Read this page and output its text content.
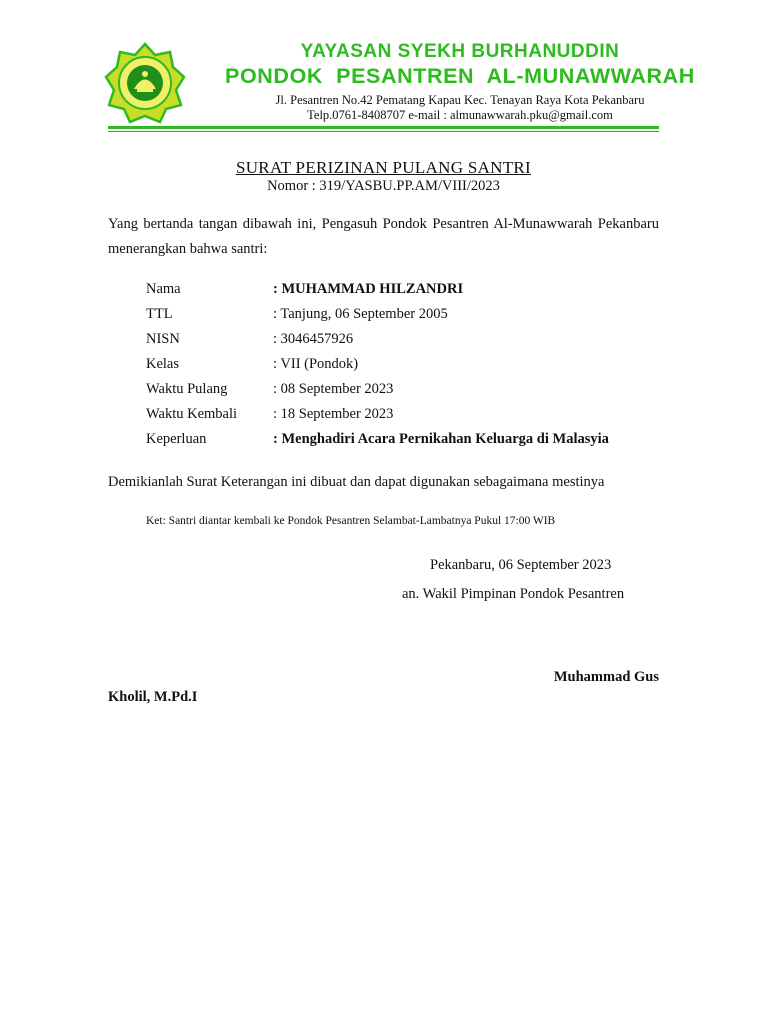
YAYASAN SYEKH BURHANUDDIN
PONDOK  PESANTREN  AL-MUNAWWARAH
Jl. Pesantren No.42 Pematang Kapau Kec. Tenayan Raya Kota Pekanbaru
Telp.0761-8408707 e-mail : almunawwarah.pku@gmail.com
SURAT PERIZINAN PULANG SANTRI
Nomor : 319/YASBU.PP.AM/VIII/2023
Yang bertanda tangan dibawah ini, Pengasuh Pondok Pesantren Al-Munawwarah Pekanbaru menerangkan bahwa santri:
Nama	: MUHAMMAD HILZANDRI
TTL	: Tanjung, 06 September 2005
NISN	: 3046457926
Kelas	: VII (Pondok)
Waktu Pulang	: 08 September 2023
Waktu Kembali : 18 September 2023
Keperluan	: Menghadiri Acara Pernikahan Keluarga di Malasyia
Demikianlah Surat Keterangan ini dibuat dan dapat digunakan sebagaimana mestinya
Ket: Santri diantar kembali ke Pondok Pesantren Selambat-Lambatnya Pukul 17:00 WIB
Pekanbaru, 06 September 2023
an. Wakil Pimpinan Pondok Pesantren
Muhammad Gus
Kholil, M.Pd.I
